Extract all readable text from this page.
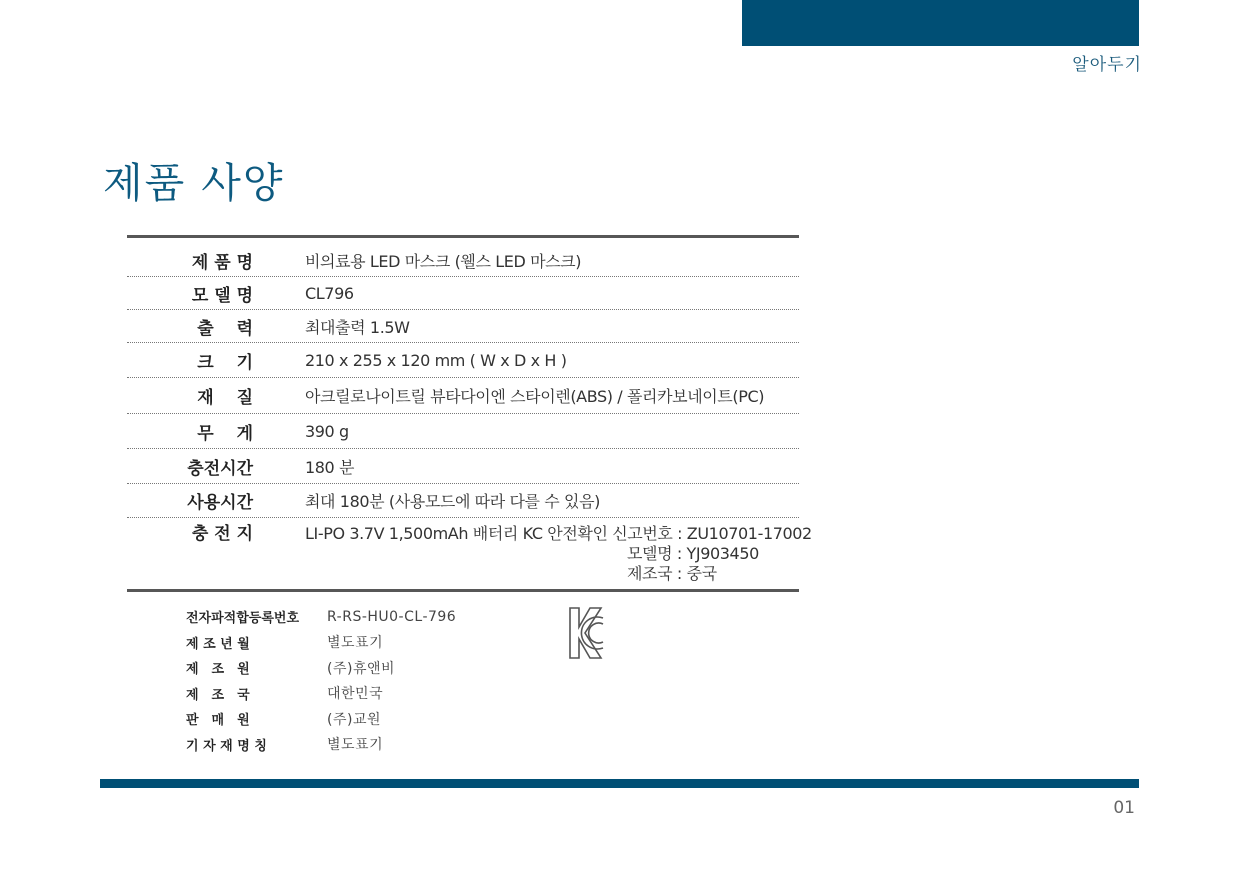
알아두기
제품 사양
제 품 명	비의료용 LED 마스크 (웰스 LED 마스크)
모 델 명	CL796
출　 력	최대출력 1.5W
크　 기	210 x 255 x 120 mm ( W x D x H )
재　 질	아크릴로나이트릴 뷰타다이엔 스타이렌(ABS) / 폴리카보네이트(PC)
무　 게	390 g
충전시간	180 분
사용시간	최대 180분 (사용모드에 따라 다를 수 있음)
충 전 지	LI-PO 3.7V 1,500mAh 배터리 KC 안전확인 신고번호 : ZU10701-17002
모델명 : YJ903450
제조국 : 중국
전자파적합등록번호	R-RS-HU0-CL-796
제 조 년 월	별도표기
제　조　원	(주)휴앤비
제　조　국	대한민국
판　매　원	(주)교원
기 자 재 명 칭	별도표기
01
